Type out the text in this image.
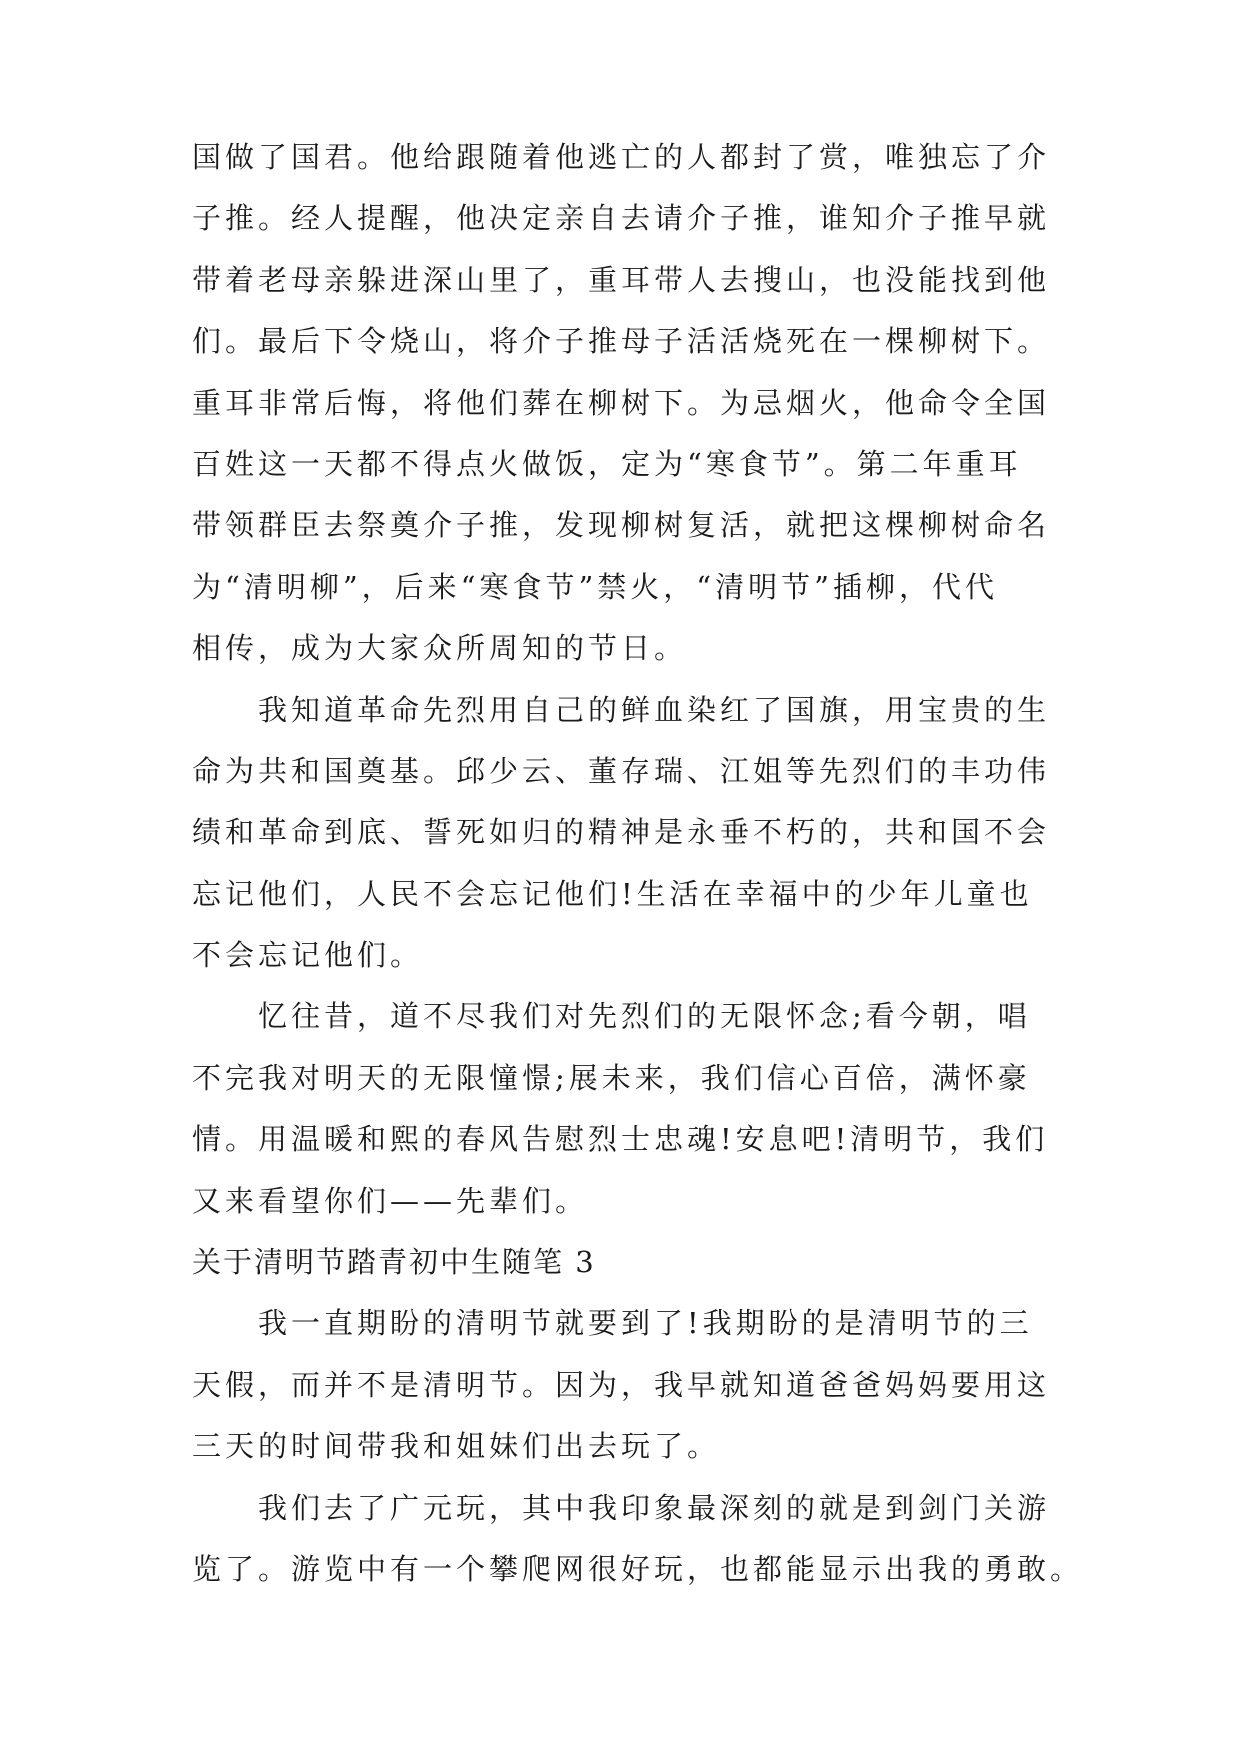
国做了国君。他给跟随着他逃亡的人都封了赏，唯独忘了介
子推。经人提醒，他决定亲自去请介子推，谁知介子推早就
带着老母亲躲进深山里了，重耳带人去搜山，也没能找到他
们。最后下令烧山，将介子推母子活活烧死在一棵柳树下。
重耳非常后悔，将他们葬在柳树下。为忌烟火，他命令全国
百姓这一天都不得点火做饭，定为“寒食节”。第二年重耳
带领群臣去祭奠介子推，发现柳树复活，就把这棵柳树命名
为“清明柳”，后来“寒食节”禁火，“清明节”插柳，代代
相传，成为大家众所周知的节日。
我知道革命先烈用自己的鲜血染红了国旗，用宝贵的生
命为共和国奠基。邱少云、董存瑞、江姐等先烈们的丰功伟
绩和革命到底、誓死如归的精神是永垂不朽的，共和国不会
忘记他们，人民不会忘记他们!生活在幸福中的少年儿童也
不会忘记他们。
忆往昔，道不尽我们对先烈们的无限怀念;看今朝，唱
不完我对明天的无限憧憬;展未来，我们信心百倍，满怀豪
情。用温暖和熙的春风告慰烈士忠魂!安息吧!清明节，我们
又来看望你们——先辈们。
关于清明节踏青初中生随笔 3
我一直期盼的清明节就要到了!我期盼的是清明节的三
天假，而并不是清明节。因为，我早就知道爸爸妈妈要用这
三天的时间带我和姐妹们出去玩了。
我们去了广元玩，其中我印象最深刻的就是到剑门关游
览了。游览中有一个攀爬网很好玩，也都能显示出我的勇敢。
